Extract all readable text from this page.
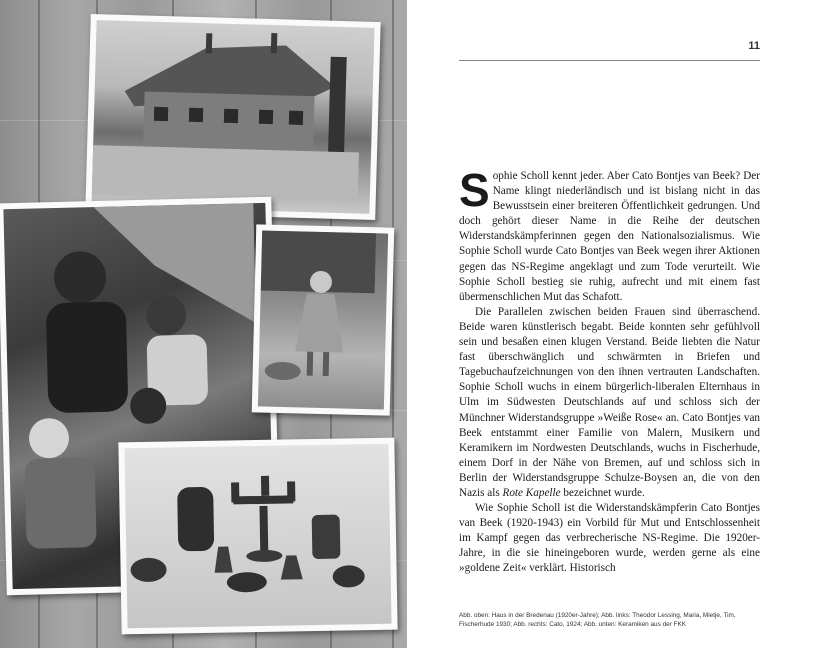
11

Sophie Scholl kennt jeder. Aber Cato Bontjes van Beek? Der Name klingt niederländisch und ist bislang nicht in das Bewusstsein einer breiteren Öffentlichkeit gedrungen. Und doch gehört dieser Name in die Reihe der deutschen Widerstandskämpferinnen gegen den Nationalsozialismus. Wie Sophie Scholl wurde Cato Bontjes van Beek wegen ihrer Aktionen gegen das NS-Regime angeklagt und zum Tode verurteilt. Wie Sophie Scholl bestieg sie ruhig, aufrecht und mit einem fast übermenschlichen Mut das Schafott.

Die Parallelen zwischen beiden Frauen sind überraschend. Beide waren künstlerisch begabt. Beide konnten sehr gefühlvoll sein und besaßen einen klugen Verstand. Beide liebten die Natur fast überschwänglich und schwärmten in Briefen und Tagebuchaufzeichnungen von den ihnen vertrauten Landschaften. Sophie Scholl wuchs in einem bürgerlich-liberalen Elternhaus in Ulm im Südwesten Deutschlands auf und schloss sich der Münchner Widerstandsgruppe »Weiße Rose« an. Cato Bontjes van Beek entstammt einer Familie von Malern, Musikern und Keramikern im Nordwesten Deutschlands, wuchs in Fischerhude, einem Dorf in der Nähe von Bremen, auf und schloss sich in Berlin der Widerstandsgruppe Schulze-Boysen an, die von den Nazis als Rote Kapelle bezeichnet wurde.

Wie Sophie Scholl ist die Widerstandskämpferin Cato Bontjes van Beek (1920-1943) ein Vorbild für Mut und Entschlossenheit im Kampf gegen das verbrecherische NS-Regime. Die 1920er-Jahre, in die sie hineingeboren wurde, werden gerne als eine »goldene Zeit« verklärt. Historisch

Abb. oben: Haus in der Bredenau (1920er-Jahre); Abb. links: Theodor Lessing, Maria, Mietje, Tim, Fischerhude 1930; Abb. rechts: Cato, 1924; Abb. unten: Keramiken aus der FKK
